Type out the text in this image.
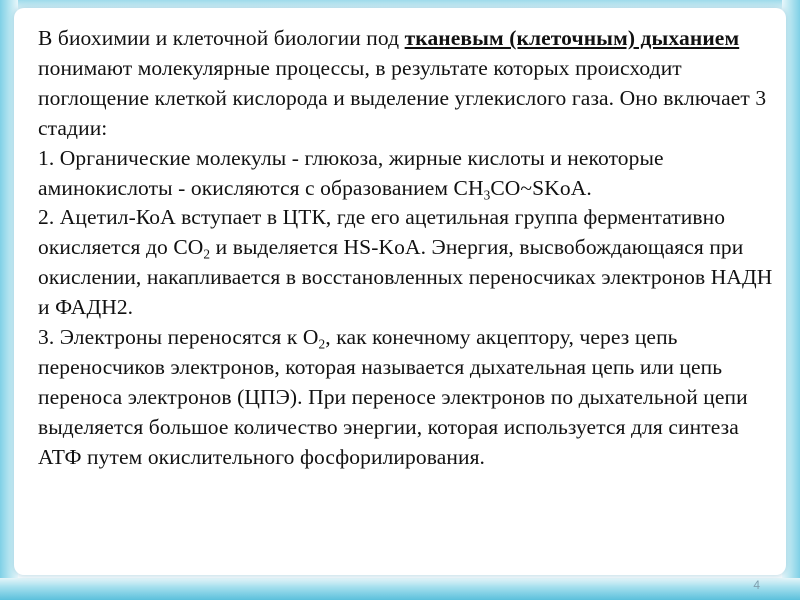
В биохимии и клеточной биологии под тканевым (клеточным) дыханием понимают молекулярные процессы, в результате которых происходит поглощение клеткой кислорода и выделение углекислого газа. Оно включает 3 стадии:

1. Органические молекулы - глюкоза, жирные кислоты и некоторые аминокислоты - окисляются с образованием $CH_3CO\sim SKoA$.

2. Ацетил-КоА вступает в ЦТК, где его ацетильная группа ферментативно окисляется до $CO_2$ и выделяется HS-KoA. Энергия, высвобождающаяся при окислении, накапливается в восстановленных переносчиках электронов НАДН и ФАДН2.

3. Электроны переносятся к $O_2$, как конечному акцептору, через цепь переносчиков электронов, которая называется дыхательная цепь или цепь переноса электронов (ЦПЭ). При переносе электронов по дыхательной цепи выделяется большое количество энергии, которая используется для синтеза АТФ путем окислительного фосфорилирования.

4
